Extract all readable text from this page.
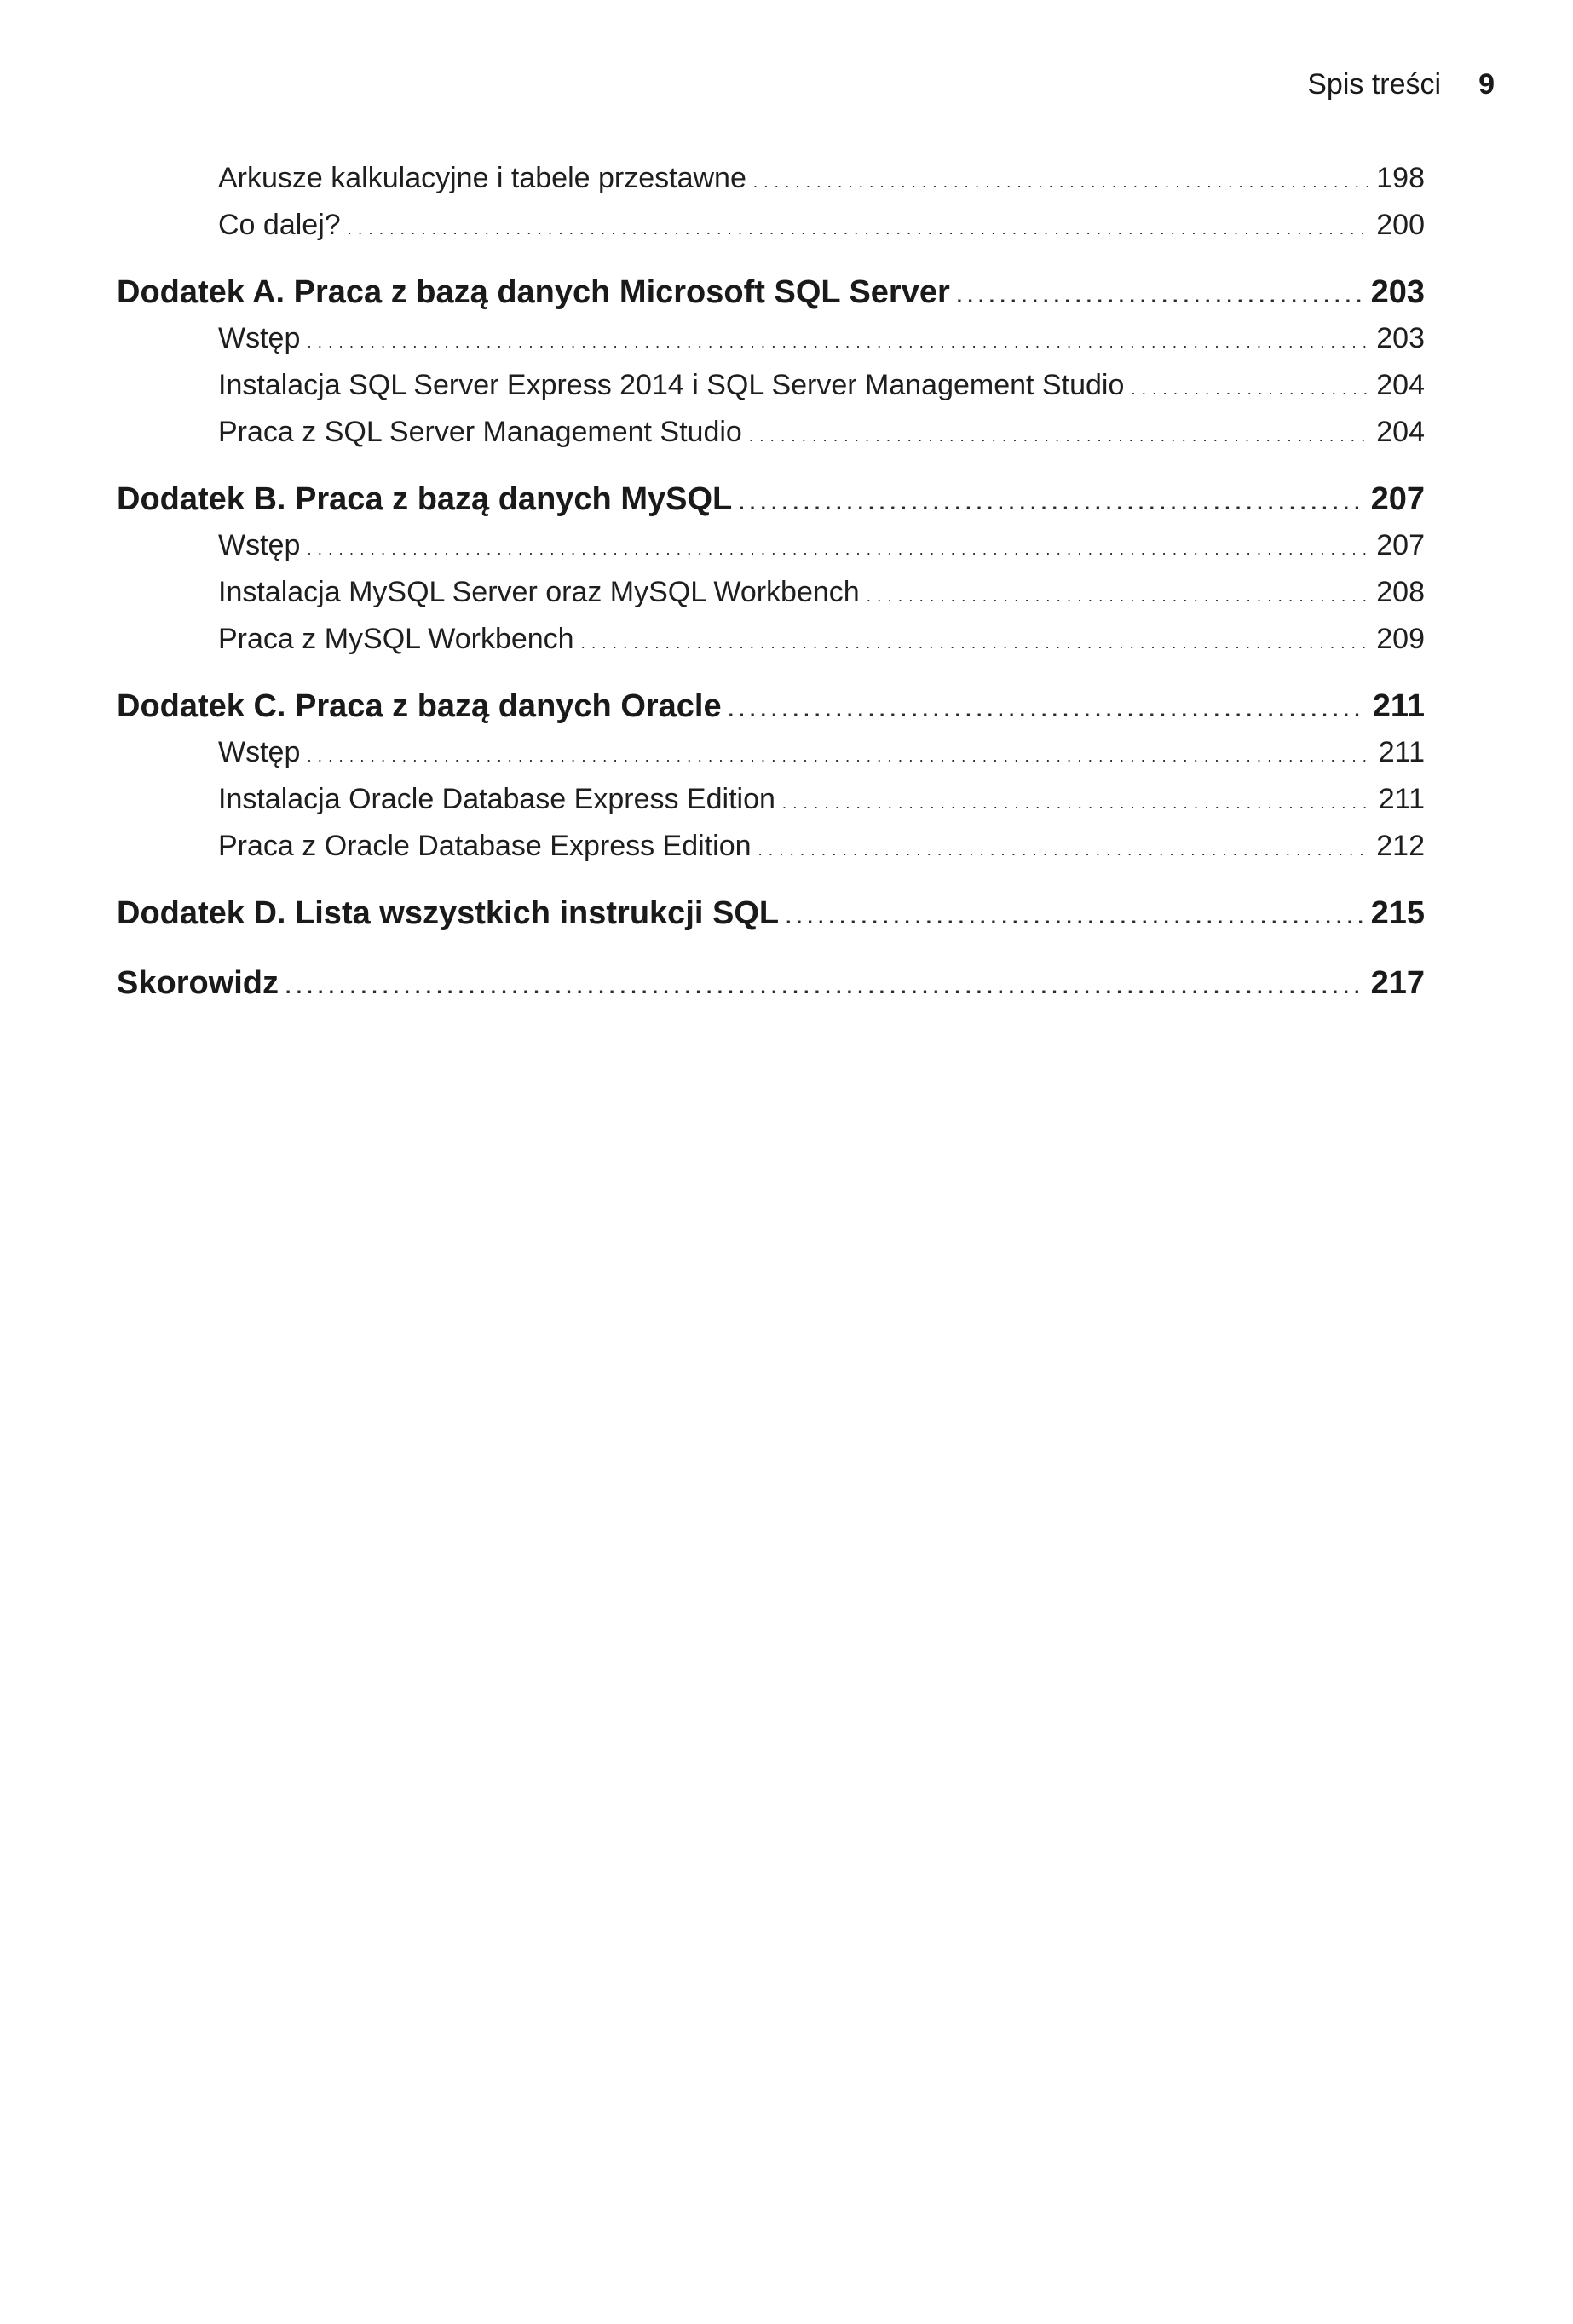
Spis treści 9
Arkusze kalkulacyjne i tabele przestawne . . .	198
Co dalej? . . .	200
Dodatek A. Praca z bazą danych Microsoft SQL Server . . .	203
Wstęp . . .	203
Instalacja SQL Server Express 2014 i SQL Server Management Studio . . .	204
Praca z SQL Server Management Studio . . .	204
Dodatek B. Praca z bazą danych MySQL . . .	207
Wstęp . . .	207
Instalacja MySQL Server oraz MySQL Workbench . . .	208
Praca z MySQL Workbench . . .	209
Dodatek C. Praca z bazą danych Oracle . . .	211
Wstęp . . .	211
Instalacja Oracle Database Express Edition . . .	211
Praca z Oracle Database Express Edition . . .	212
Dodatek D. Lista wszystkich instrukcji SQL . . .	215
Skorowidz . . .	217
